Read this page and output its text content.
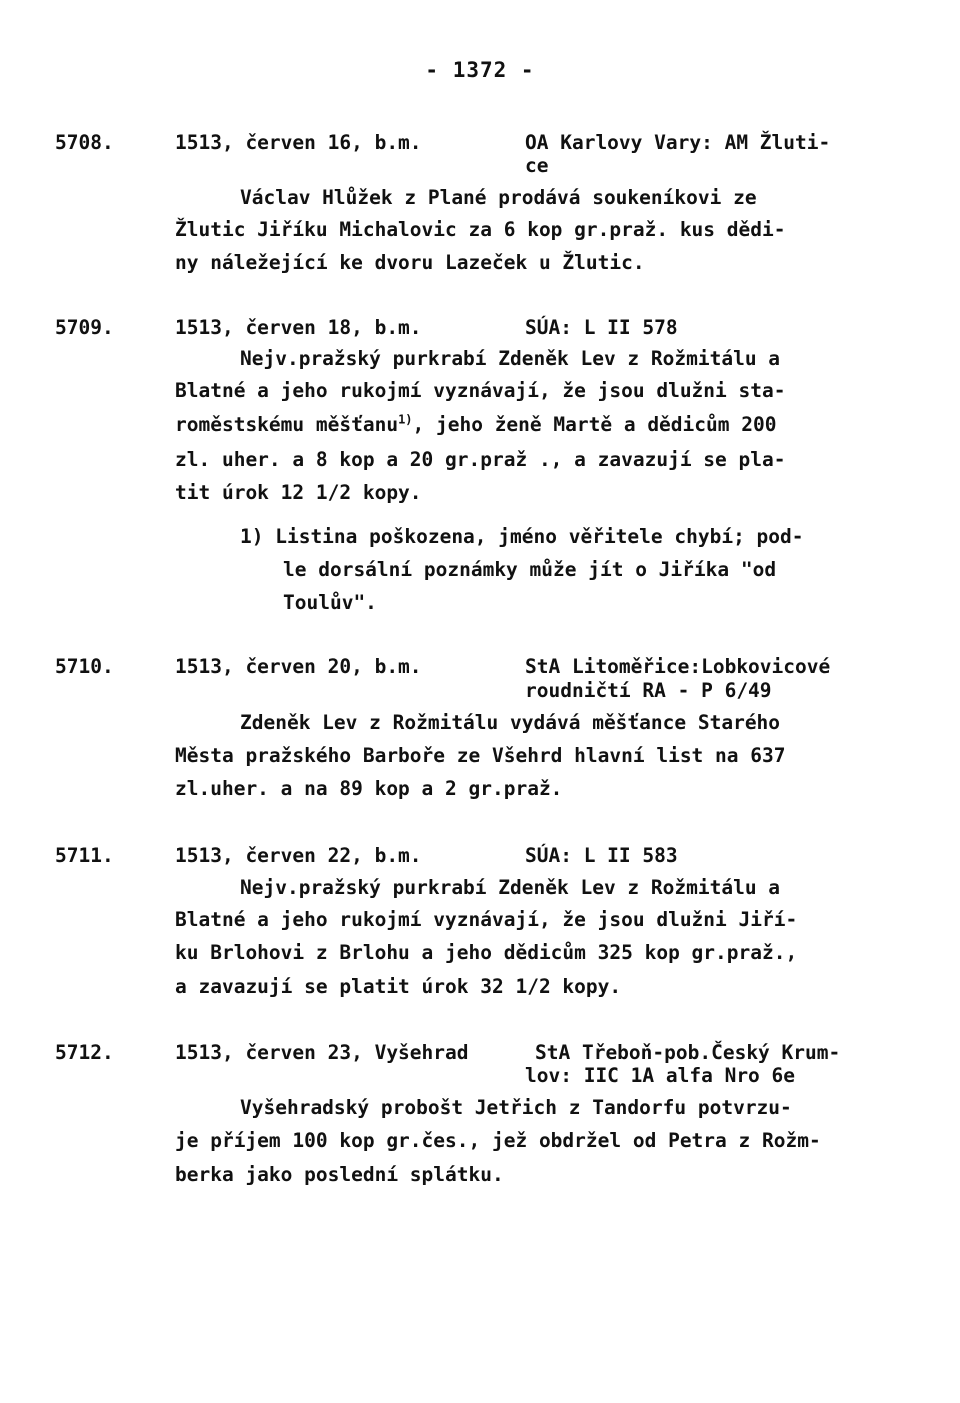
- 1372 -
5708.	1513, červen 16, b.m.	OA Karlovy Vary: AM Žluti-
ce
Václav Hlůžek z Plané prodává soukeníkovi ze
Žlutic Jiříku Michalovic za 6 kop gr.praž. kus dědi-
ny náležející ke dvoru Lazeček u Žlutic.
5709.	1513, červen 18, b.m.	SÚA: L II 578
Nejv.pražský purkrabí Zdeněk Lev z Rožmitálu a
Blatné a jeho rukojmí vyznávají, že jsou dlužni sta-
roměstskému měšťanu$^{1)}$, jeho ženě Martě a dědicům 200
zl. uher. a 8 kop a 20 gr.praž ., a zavazují se pla-
tit úrok 12 1/2 kopy.
1) Listina poškozena, jméno věřitele chybí; pod-
le dorsální poznámky může jít o Jiříka "od
Toulův".
5710.	1513, červen 20, b.m.	StA Litoměřice:Lobkovicové
roudničtí RA - P 6/49
Zdeněk Lev z Rožmitálu vydává měšťance Starého
Města pražského Barboře ze Všehrd hlavní list na 637
zl.uher. a na 89 kop a 2 gr.praž.
5711.	1513, červen 22, b.m.	SÚA: L II 583
Nejv.pražský purkrabí Zdeněk Lev z Rožmitálu a
Blatné a jeho rukojmí vyznávají, že jsou dlužni Jiří-
ku Brlohovi z Brlohu a jeho dědicům 325 kop gr.praž.,
a zavazují se platit úrok 32 1/2 kopy.
5712.	1513, červen 23, Vyšehrad	StA Třeboň-pob.Český Krum-
lov: IIC 1A alfa Nro 6e
Vyšehradský probošt Jetřich z Tandorfu potvrzu-
je příjem 100 kop gr.čes., jež obdržel od Petra z Rožm-
berka jako poslední splátku.
